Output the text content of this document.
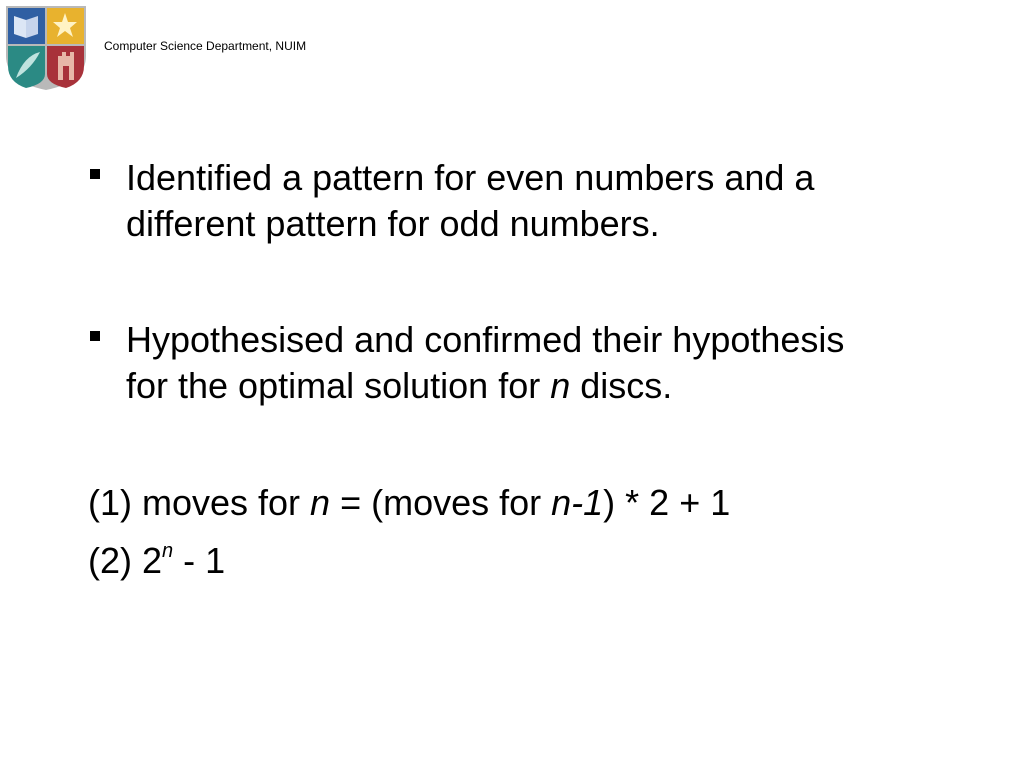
Computer Science Department, NUIM
Identified a pattern for even numbers and a
different pattern for odd numbers.
Hypothesised and confirmed their hypothesis
for the optimal solution for n discs.
(1) moves for n = (moves for n-1) * 2 + 1
(2) 2$^n$ - 1
